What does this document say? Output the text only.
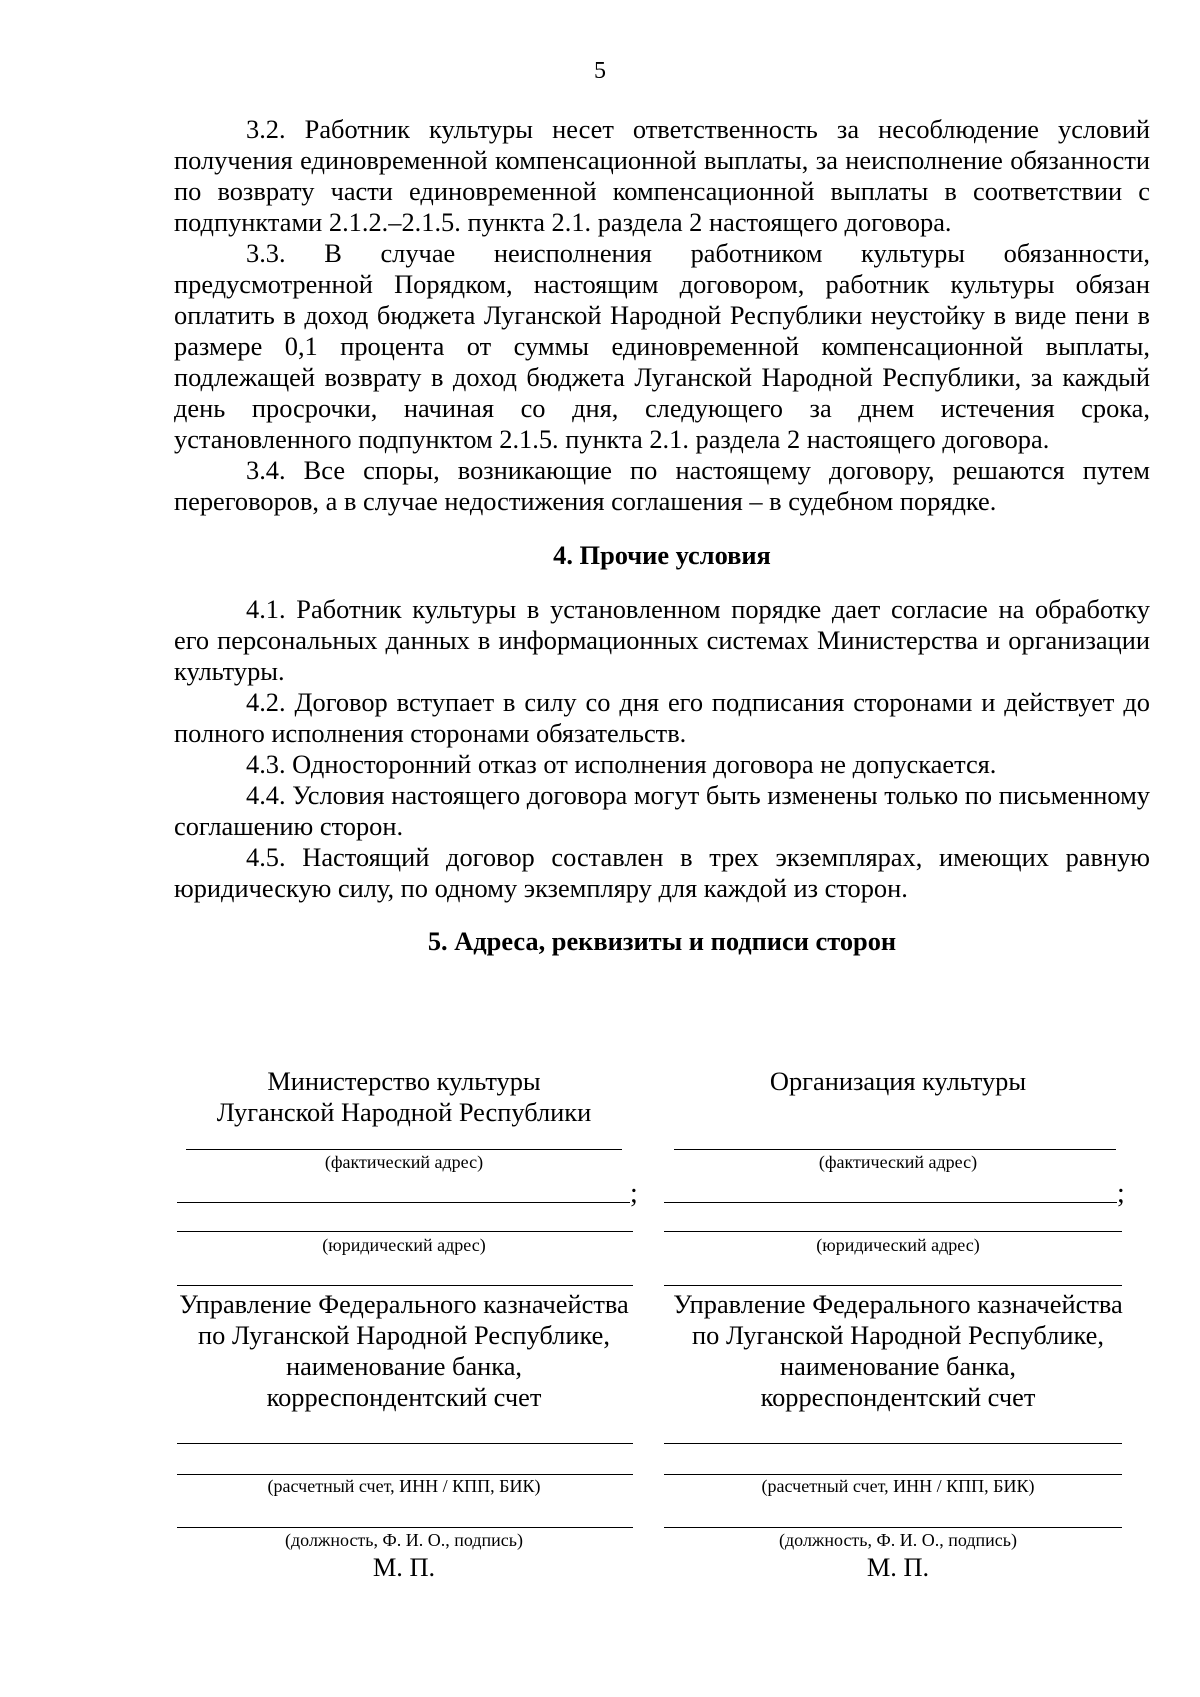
5

3.2. Работник культуры несет ответственность за несоблюдение условий получения единовременной компенсационной выплаты, за неисполнение обязанности по возврату части единовременной компенсационной выплаты в соответствии с подпунктами 2.1.2.–2.1.5. пункта 2.1. раздела 2 настоящего договора.

3.3. В случае неисполнения работником культуры обязанности, предусмотренной Порядком, настоящим договором, работник культуры обязан оплатить в доход бюджета Луганской Народной Республики неустойку в виде пени в размере 0,1 процента от суммы единовременной компенсационной выплаты, подлежащей возврату в доход бюджета Луганской Народной Республики, за каждый день просрочки, начиная со дня, следующего за днем истечения срока, установленного подпунктом 2.1.5. пункта 2.1. раздела 2 настоящего договора.

3.4. Все споры, возникающие по настоящему договору, решаются путем переговоров, а в случае недостижения соглашения – в судебном порядке.

4. Прочие условия

4.1. Работник культуры в установленном порядке дает согласие на обработку его персональных данных в информационных системах Министерства и организации культуры.

4.2. Договор вступает в силу со дня его подписания сторонами и действует до полного исполнения сторонами обязательств.

4.3. Односторонний отказ от исполнения договора не допускается.

4.4. Условия настоящего договора могут быть изменены только по письменному соглашению сторон.

4.5. Настоящий договор составлен в трех экземплярах, имеющих равную юридическую силу, по одному экземпляру для каждой из сторон.

5. Адреса, реквизиты и подписи сторон
Министерство культуры
Луганской Народной Республики
(фактический адрес)
;
(юридический адрес)
Управление Федерального казначейства по Луганской Народной Республике, наименование банка, корреспондентский счет
(расчетный счет, ИНН / КПП, БИК)
(должность, Ф. И. О., подпись)
М. П.
Организация культуры
(фактический адрес)
;
(юридический адрес)
Управление Федерального казначейства по Луганской Народной Республике, наименование банка, корреспондентский счет
(расчетный счет, ИНН / КПП, БИК)
(должность, Ф. И. О., подпись)
М. П.
